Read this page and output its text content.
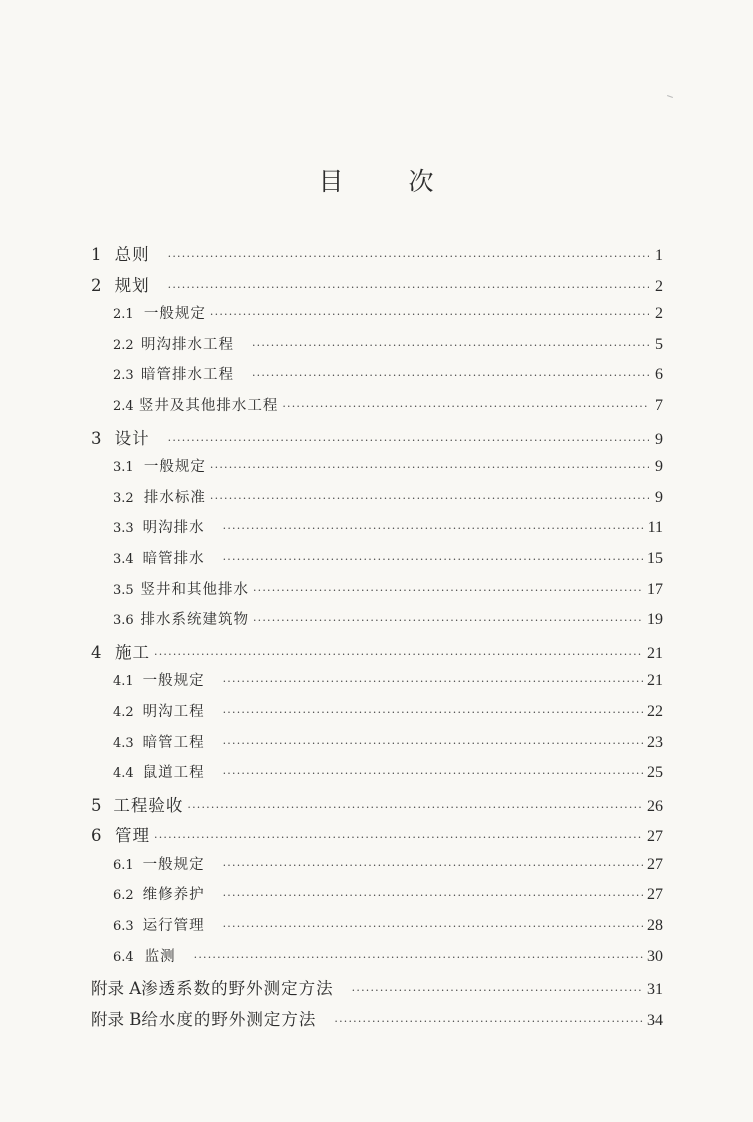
目	次
1 总则 ·····	1
2 规划 ·····	2
2.1 一般规定 ·····	2
2.2 明沟排水工程 ·····	5
2.3 暗管排水工程 ·····	6
2.4 竖井及其他排水工程 ·····	7
3 设计 ·····	9
3.1 一般规定 ·····	9
3.2 排水标准 ·····	9
3.3 明沟排水 ·····	11
3.4 暗管排水 ·····	15
3.5 竖井和其他排水 ·····	17
3.6 排水系统建筑物 ·····	19
4 施工 ·····	21
4.1 一般规定 ·····	21
4.2 明沟工程 ·····	22
4.3 暗管工程 ·····	23
4.4 鼠道工程 ·····	25
5 工程验收 ·····	26
6 管理 ·····	27
6.1 一般规定 ·····	27
6.2 维修养护 ·····	27
6.3 运行管理 ·····	28
6.4 监测 ·····	30
附录 A 渗透系数的野外测定方法 ·····	31
附录 B 给水度的野外测定方法 ·····	34
